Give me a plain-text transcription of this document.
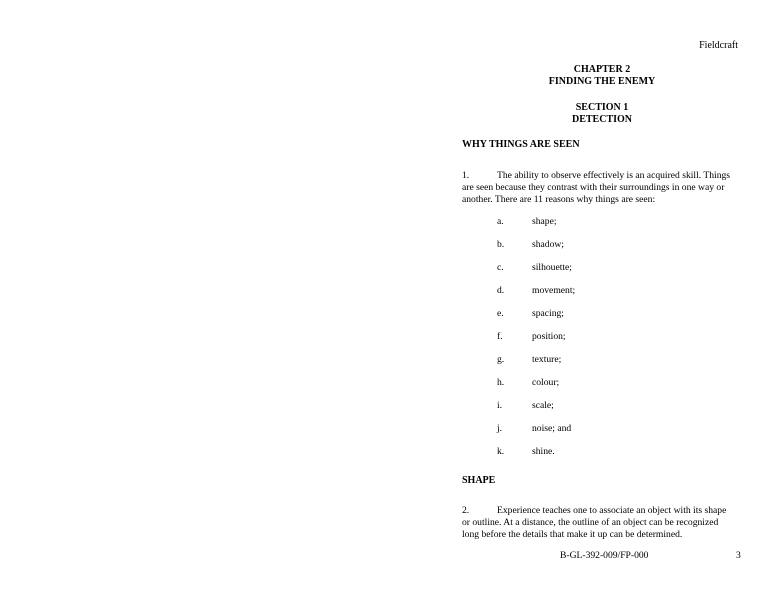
Fieldcraft
CHAPTER 2
FINDING THE ENEMY
SECTION 1
DETECTION
WHY THINGS ARE SEEN
1.	The ability to observe effectively is an acquired skill. Things
are seen because they contrast with their surroundings in one way or
another. There are 11 reasons why things are seen:
a.	shape;
b.	shadow;
c.	silhouette;
d.	movement;
e.	spacing;
f.	position;
g.	texture;
h.	colour;
i.	scale;
j.	noise; and
k.	shine.
SHAPE
2.	Experience teaches one to associate an object with its shape
or outline. At a distance, the outline of an object can be recognized
long before the details that make it up can be determined.
B-GL-392-009/FP-000	3
